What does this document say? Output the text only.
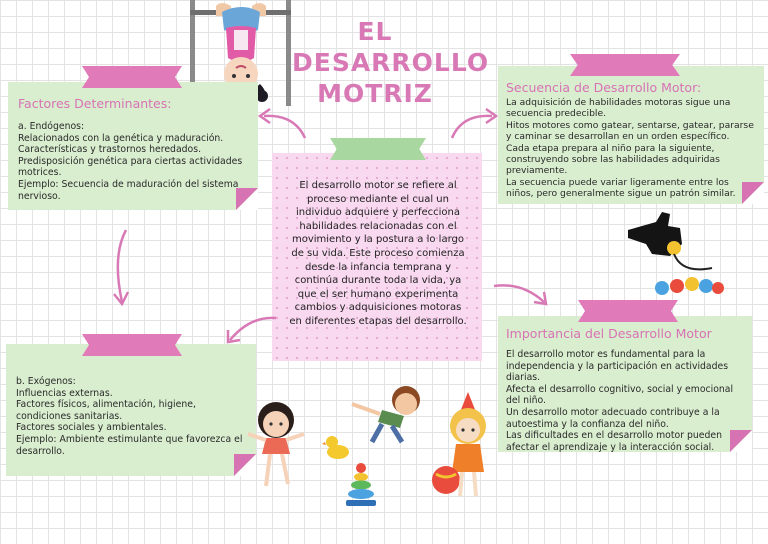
EL
DESARROLLO
MOTRIZ
Factores Determinantes:
a. Endógenos:
Relacionados con la genética y maduración.
Características y trastornos heredados.
Predisposición genética para ciertas actividades motrices.
Ejemplo: Secuencia de maduración del sistema nervioso.
b. Exógenos:
Influencias externas.
Factores físicos, alimentación, higiene, condiciones sanitarias.
Factores sociales y ambientales.
Ejemplo: Ambiente estimulante que favorezca el desarrollo.
Secuencia de Desarrollo Motor:
La adquisición de habilidades motoras sigue una secuencia predecible.
Hitos motores como gatear, sentarse, gatear, pararse y caminar se desarrollan en un orden específico.
Cada etapa prepara al niño para la siguiente, construyendo sobre las habilidades adquiridas previamente.
La secuencia puede variar ligeramente entre los niños, pero generalmente sigue un patrón similar.
Importancia del Desarrollo Motor
El desarrollo motor es fundamental para la independencia y la participación en actividades diarias.
Afecta el desarrollo cognitivo, social y emocional del niño.
Un desarrollo motor adecuado contribuye a la autoestima y la confianza del niño.
Las dificultades en el desarrollo motor pueden afectar el aprendizaje y la interacción social.

El desarrollo motor se refiere al proceso mediante el cual un individuo adquiere y perfecciona habilidades relacionadas con el movimiento y la postura a lo largo de su vida. Este proceso comienza desde la infancia temprana y continúa durante toda la vida, ya que el ser humano experimenta cambios y adquisiciones motoras en diferentes etapas del desarrollo.
